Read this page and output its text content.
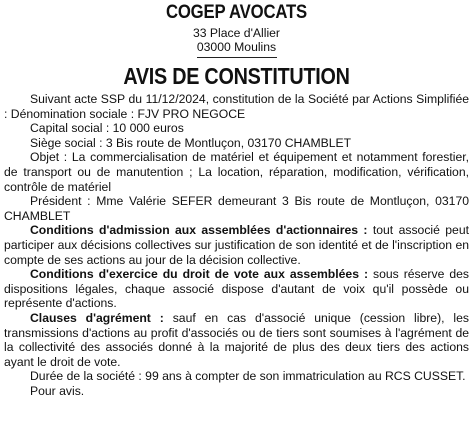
COGEP AVOCATS
33 Place d'Allier
03000 Moulins
AVIS DE CONSTITUTION

Suivant acte SSP du 11/12/2024, constitution de la Société par Actions Simplifiée : Dénomination sociale : FJV PRO NEGOCE

Capital social : 10 000 euros

Siège social : 3 Bis route de Montluçon, 03170 CHAMBLET

Objet : La commercialisation de matériel et équipement et notamment forestier, de transport ou de manutention ; La location, réparation, modification, vérification, contrôle de matériel

Président : Mme Valérie SEFER demeurant 3 Bis route de Montluçon, 03170 CHAMBLET

Conditions d'admission aux assemblées d'actionnaires : tout associé peut participer aux décisions collectives sur justification de son identité et de l'inscription en compte de ses actions au jour de la décision collective.

Conditions d'exercice du droit de vote aux assemblées : sous réserve des dispositions légales, chaque associé dispose d'autant de voix qu'il possède ou représente d'actions.

Clauses d'agrément : sauf en cas d'associé unique (cession libre), les transmissions d'actions au profit d'associés ou de tiers sont soumises à l'agrément de la collectivité des associés donné à la majorité de plus des deux tiers des actions ayant le droit de vote.

Durée de la société : 99 ans à compter de son immatriculation au RCS CUSSET.

Pour avis.
